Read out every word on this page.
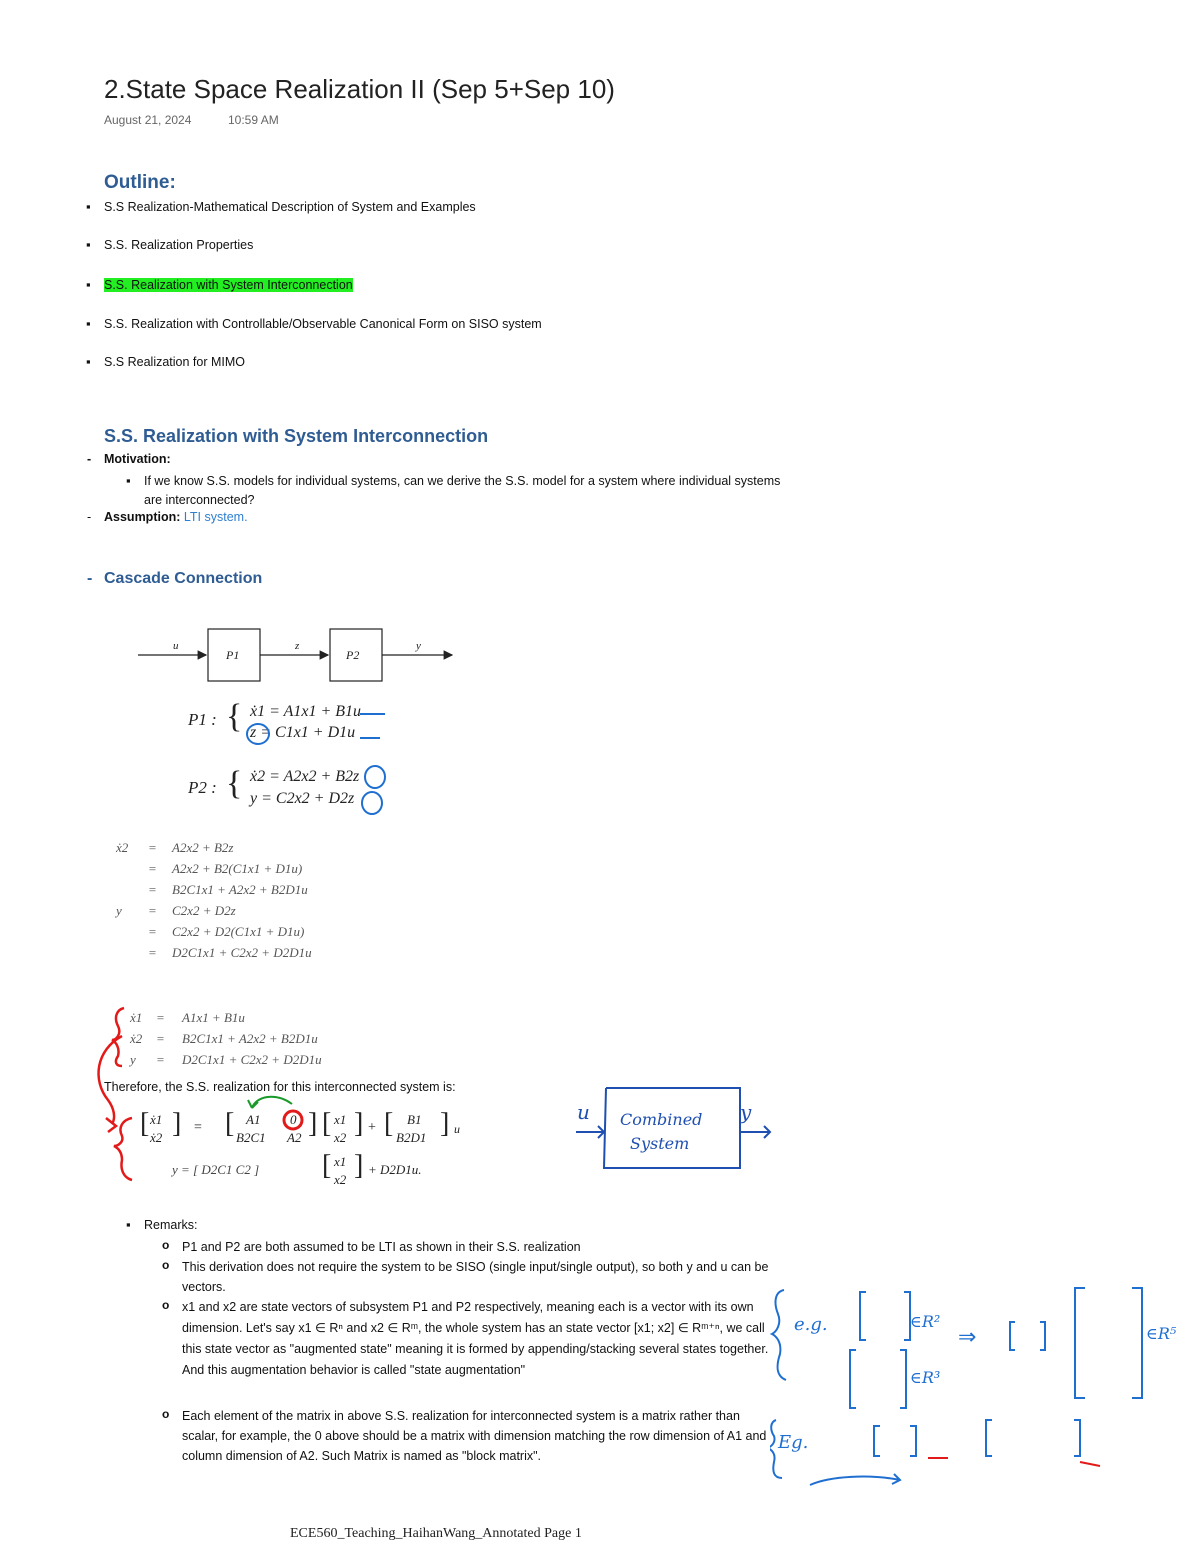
2.State Space Realization II (Sep 5+Sep 10)
August 21, 2024	10:59 AM
Outline:
▪ S.S Realization-Mathematical Description of System and Examples
▪ S.S. Realization Properties
▪ S.S. Realization with System Interconnection
▪ S.S. Realization with Controllable/Observable Canonical Form on SISO system
▪ S.S Realization for MIMO
S.S. Realization with System Interconnection
- Motivation:
▪ If we know S.S. models for individual systems, can we derive the S.S. model for a system where individual systems are interconnected?
- Assumption: LTI system.
- Cascade Connection
u	z	y
P1	P2
P1 : { ẋ1 = A1x1 + B1u
z = C1x1 + D1u
P2 : { ẋ2 = A2x2 + B2z
y = C2x2 + D2z
ẋ2 = A2x2 + B2z
= A2x2 + B2(C1x1 + D1u)
= B2C1x1 + A2x2 + B2D1u
y = C2x2 + D2z
= C2x2 + D2(C1x1 + D1u)
= D2C1x1 + C2x2 + D2D1u
ẋ1 = A1x1 + B1u
ẋ2 = B2C1x1 + A2x2 + B2D1u
y = D2C1x1 + C2x2 + D2D1u
Therefore, the S.S. realization for this interconnected system is:
[ ẋ1
ẋ2 ] = [ A1 0
B2C1 A2 ] [ x1
x2 ] + [ B1
B2D1 ] u
y = [ D2C1 C2 ] [ x1
x2 ] + D2D1u.
u	y
Combined
System
▪ Remarks:
o P1 and P2 are both assumed to be LTI as shown in their S.S. realization
o This derivation does not require the system to be SISO (single input/single output), so both y and u can be vectors.
o x1 and x2 are state vectors of subsystem P1 and P2 respectively, meaning each is a vector with its own dimension. Let's say x1 ∈ Rⁿ and x2 ∈ Rᵐ, the whole system has an state vector [x1; x2] ∈ Rᵐ⁺ⁿ, we call this state vector as "augmented state" meaning it is formed by appending/stacking several states together. And this augmentation behavior is called "state augmentation"
o Each element of the matrix in above S.S. realization for interconnected system is a matrix rather than scalar, for example, the 0 above should be a matrix with dimension matching the row dimension of A1 and column dimension of A2. Such Matrix is named as "block matrix".
e.g.	∈R²
∈R³
⇒	∈R⁵
Eg.
ECE560_Teaching_HaihanWang_Annotated Page 1
